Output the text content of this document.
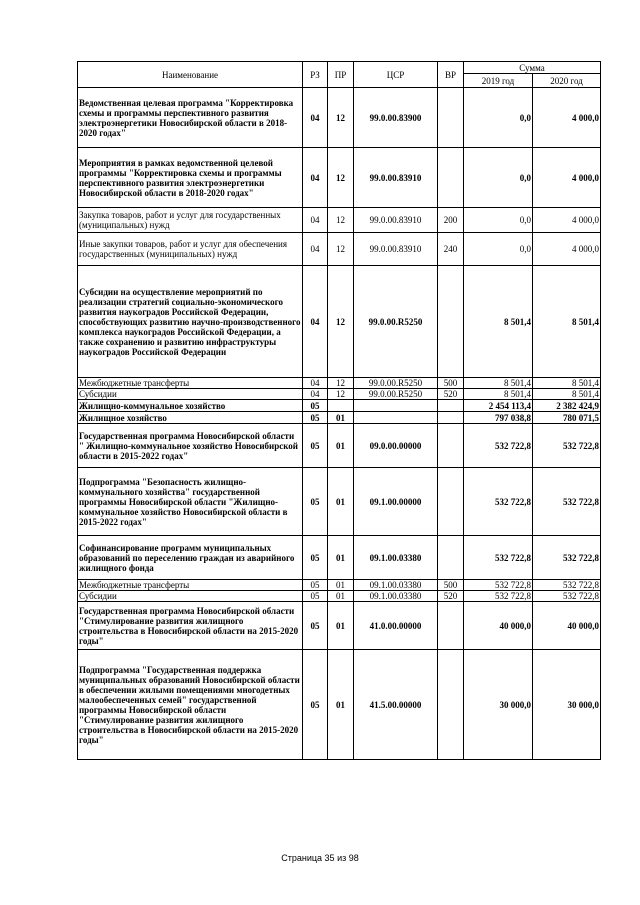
Наименование	РЗ	ПР	ЦСР	ВР	Сумма	
					2019 год	2020 год
Ведомственная целевая программа "Корректировка схемы и программы перспективного развития электроэнергетики Новосибирской области в 2018-2020 годах"	04	12	99.0.00.83900		0,0	4 000,0
Мероприятия в рамках ведомственной целевой программы "Корректировка схемы и программы перспективного развития электроэнергетики Новосибирской области в 2018-2020 годах"	04	12	99.0.00.83910		0,0	4 000,0
Закупка товаров, работ и услуг для государственных (муниципальных) нужд	04	12	99.0.00.83910	200	0,0	4 000,0
Иные закупки товаров, работ и услуг для обеспечения государственных (муниципальных) нужд	04	12	99.0.00.83910	240	0,0	4 000,0
Субсидии на осуществление мероприятий по реализации стратегий социально-экономического развития наукоградов Российской Федерации, способствующих развитию научно-производственного комплекса наукоградов Российской Федерации, а также сохранению и развитию инфраструктуры наукоградов Российской Федерации	04	12	99.0.00.R5250		8 501,4	8 501,4
Межбюджетные трансферты	04	12	99.0.00.R5250	500	8 501,4	8 501,4
Субсидии	04	12	99.0.00.R5250	520	8 501,4	8 501,4
Жилищно-коммунальное хозяйство	05				2 454 113,4	2 382 424,9
Жилищное хозяйство	05	01			797 038,8	780 071,5
Государственная программа Новосибирской области " Жилищно-коммунальное хозяйство Новосибирской области в 2015-2022 годах"	05	01	09.0.00.00000		532 722,8	532 722,8
Подпрограмма "Безопасность жилищно-коммунального хозяйства" государственной программы Новосибирской области "Жилищно-коммунальное хозяйство Новосибирской области в 2015-2022 годах"	05	01	09.1.00.00000		532 722,8	532 722,8
Софинансирование программ муниципальных образований по переселению граждан из аварийного жилищного фонда	05	01	09.1.00.03380		532 722,8	532 722,8
Межбюджетные трансферты	05	01	09.1.00.03380	500	532 722,8	532 722,8
Субсидии	05	01	09.1.00.03380	520	532 722,8	532 722,8
Государственная программа Новосибирской области "Стимулирование развития жилищного строительства в Новосибирской области на 2015-2020 годы"	05	01	41.0.00.00000		40 000,0	40 000,0
Подпрограмма "Государственная поддержка муниципальных образований Новосибирской области в обеспечении жилыми помещениями многодетных малообеспеченных семей" государственной программы Новосибирской области "Стимулирование развития жилищного строительства в Новосибирской области на 2015-2020 годы"	05	01	41.5.00.00000		30 000,0	30 000,0
Страница 35 из 98
